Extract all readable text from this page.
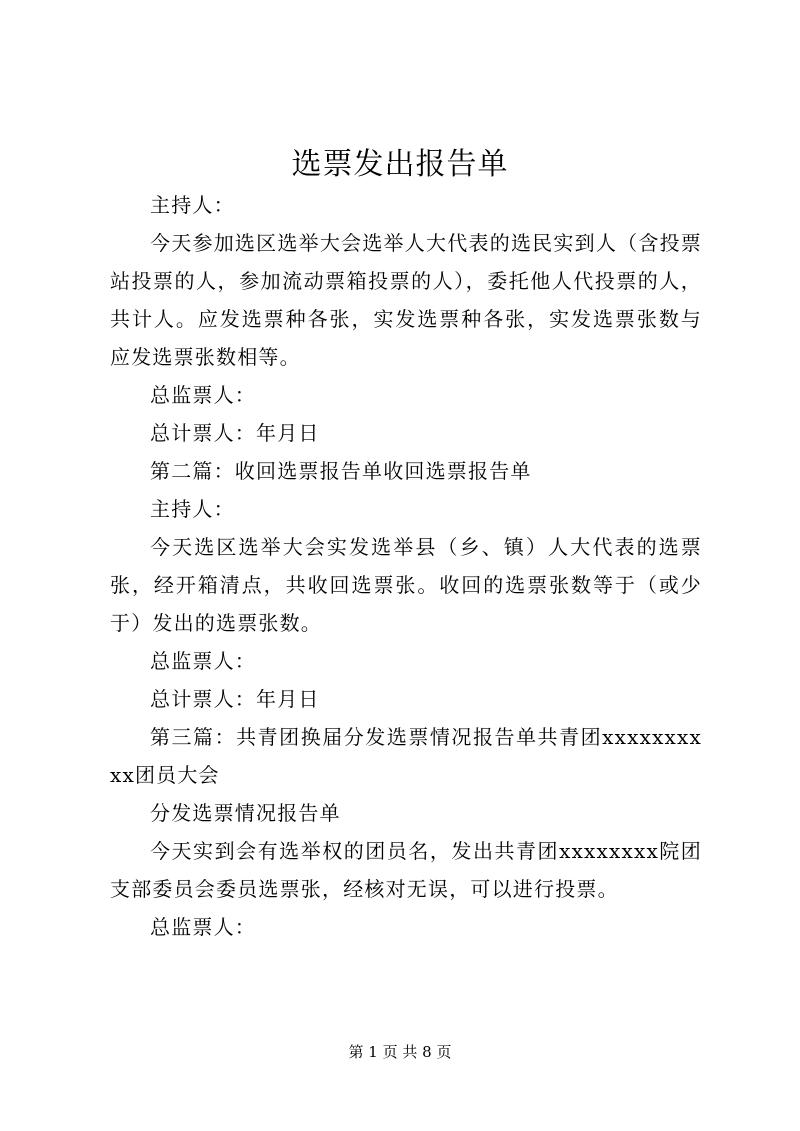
选票发出报告单

主持人：

今天参加选区选举大会选举人大代表的选民实到人（含投票站投票的人，参加流动票箱投票的人），委托他人代投票的人，共计人。应发选票种各张，实发选票种各张，实发选票张数与应发选票张数相等。

总监票人：

总计票人：年月日

第二篇：收回选票报告单收回选票报告单

主持人：

今天选区选举大会实发选举县（乡、镇）人大代表的选票张，经开箱清点，共收回选票张。收回的选票张数等于（或少于）发出的选票张数。

总监票人：

总计票人：年月日

第三篇：共青团换届分发选票情况报告单共青团xxxxxxxxxx团员大会

分发选票情况报告单

今天实到会有选举权的团员名，发出共青团xxxxxxxx院团支部委员会委员选票张，经核对无误，可以进行投票。

总监票人：

第 1 页 共 8 页
